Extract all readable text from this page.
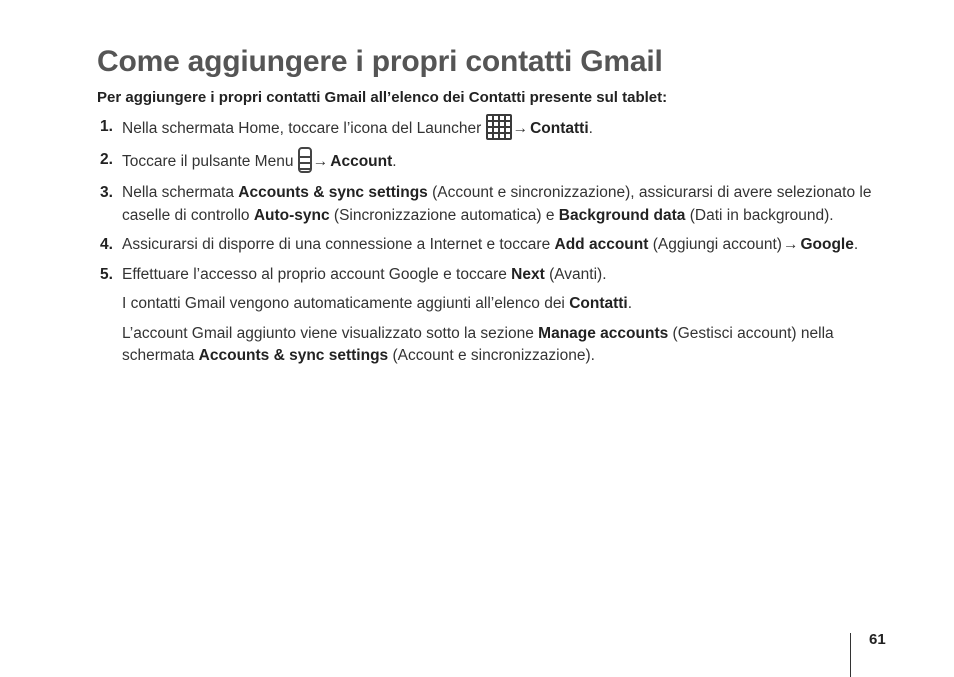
Come aggiungere i propri contatti Gmail

Per aggiungere i propri contatti Gmail all’elenco dei Contatti presente sul tablet:

1. Nella schermata Home, toccare l’icona del Launcher → Contatti.
2. Toccare il pulsante Menu → Account.
3. Nella schermata Accounts & sync settings (Account e sincronizzazione), assicurarsi di avere selezionato le caselle di controllo Auto-sync (Sincronizzazione automatica) e Background data (Dati in background).
4. Assicurarsi di disporre di una connessione a Internet e toccare Add account (Aggiungi account)→ Google.
5. Effettuare l’accesso al proprio account Google e toccare Next (Avanti).
I contatti Gmail vengono automaticamente aggiunti all’elenco dei Contatti.
L’account Gmail aggiunto viene visualizzato sotto la sezione Manage accounts (Gestisci account) nella schermata Accounts & sync settings (Account e sincronizzazione).
61
